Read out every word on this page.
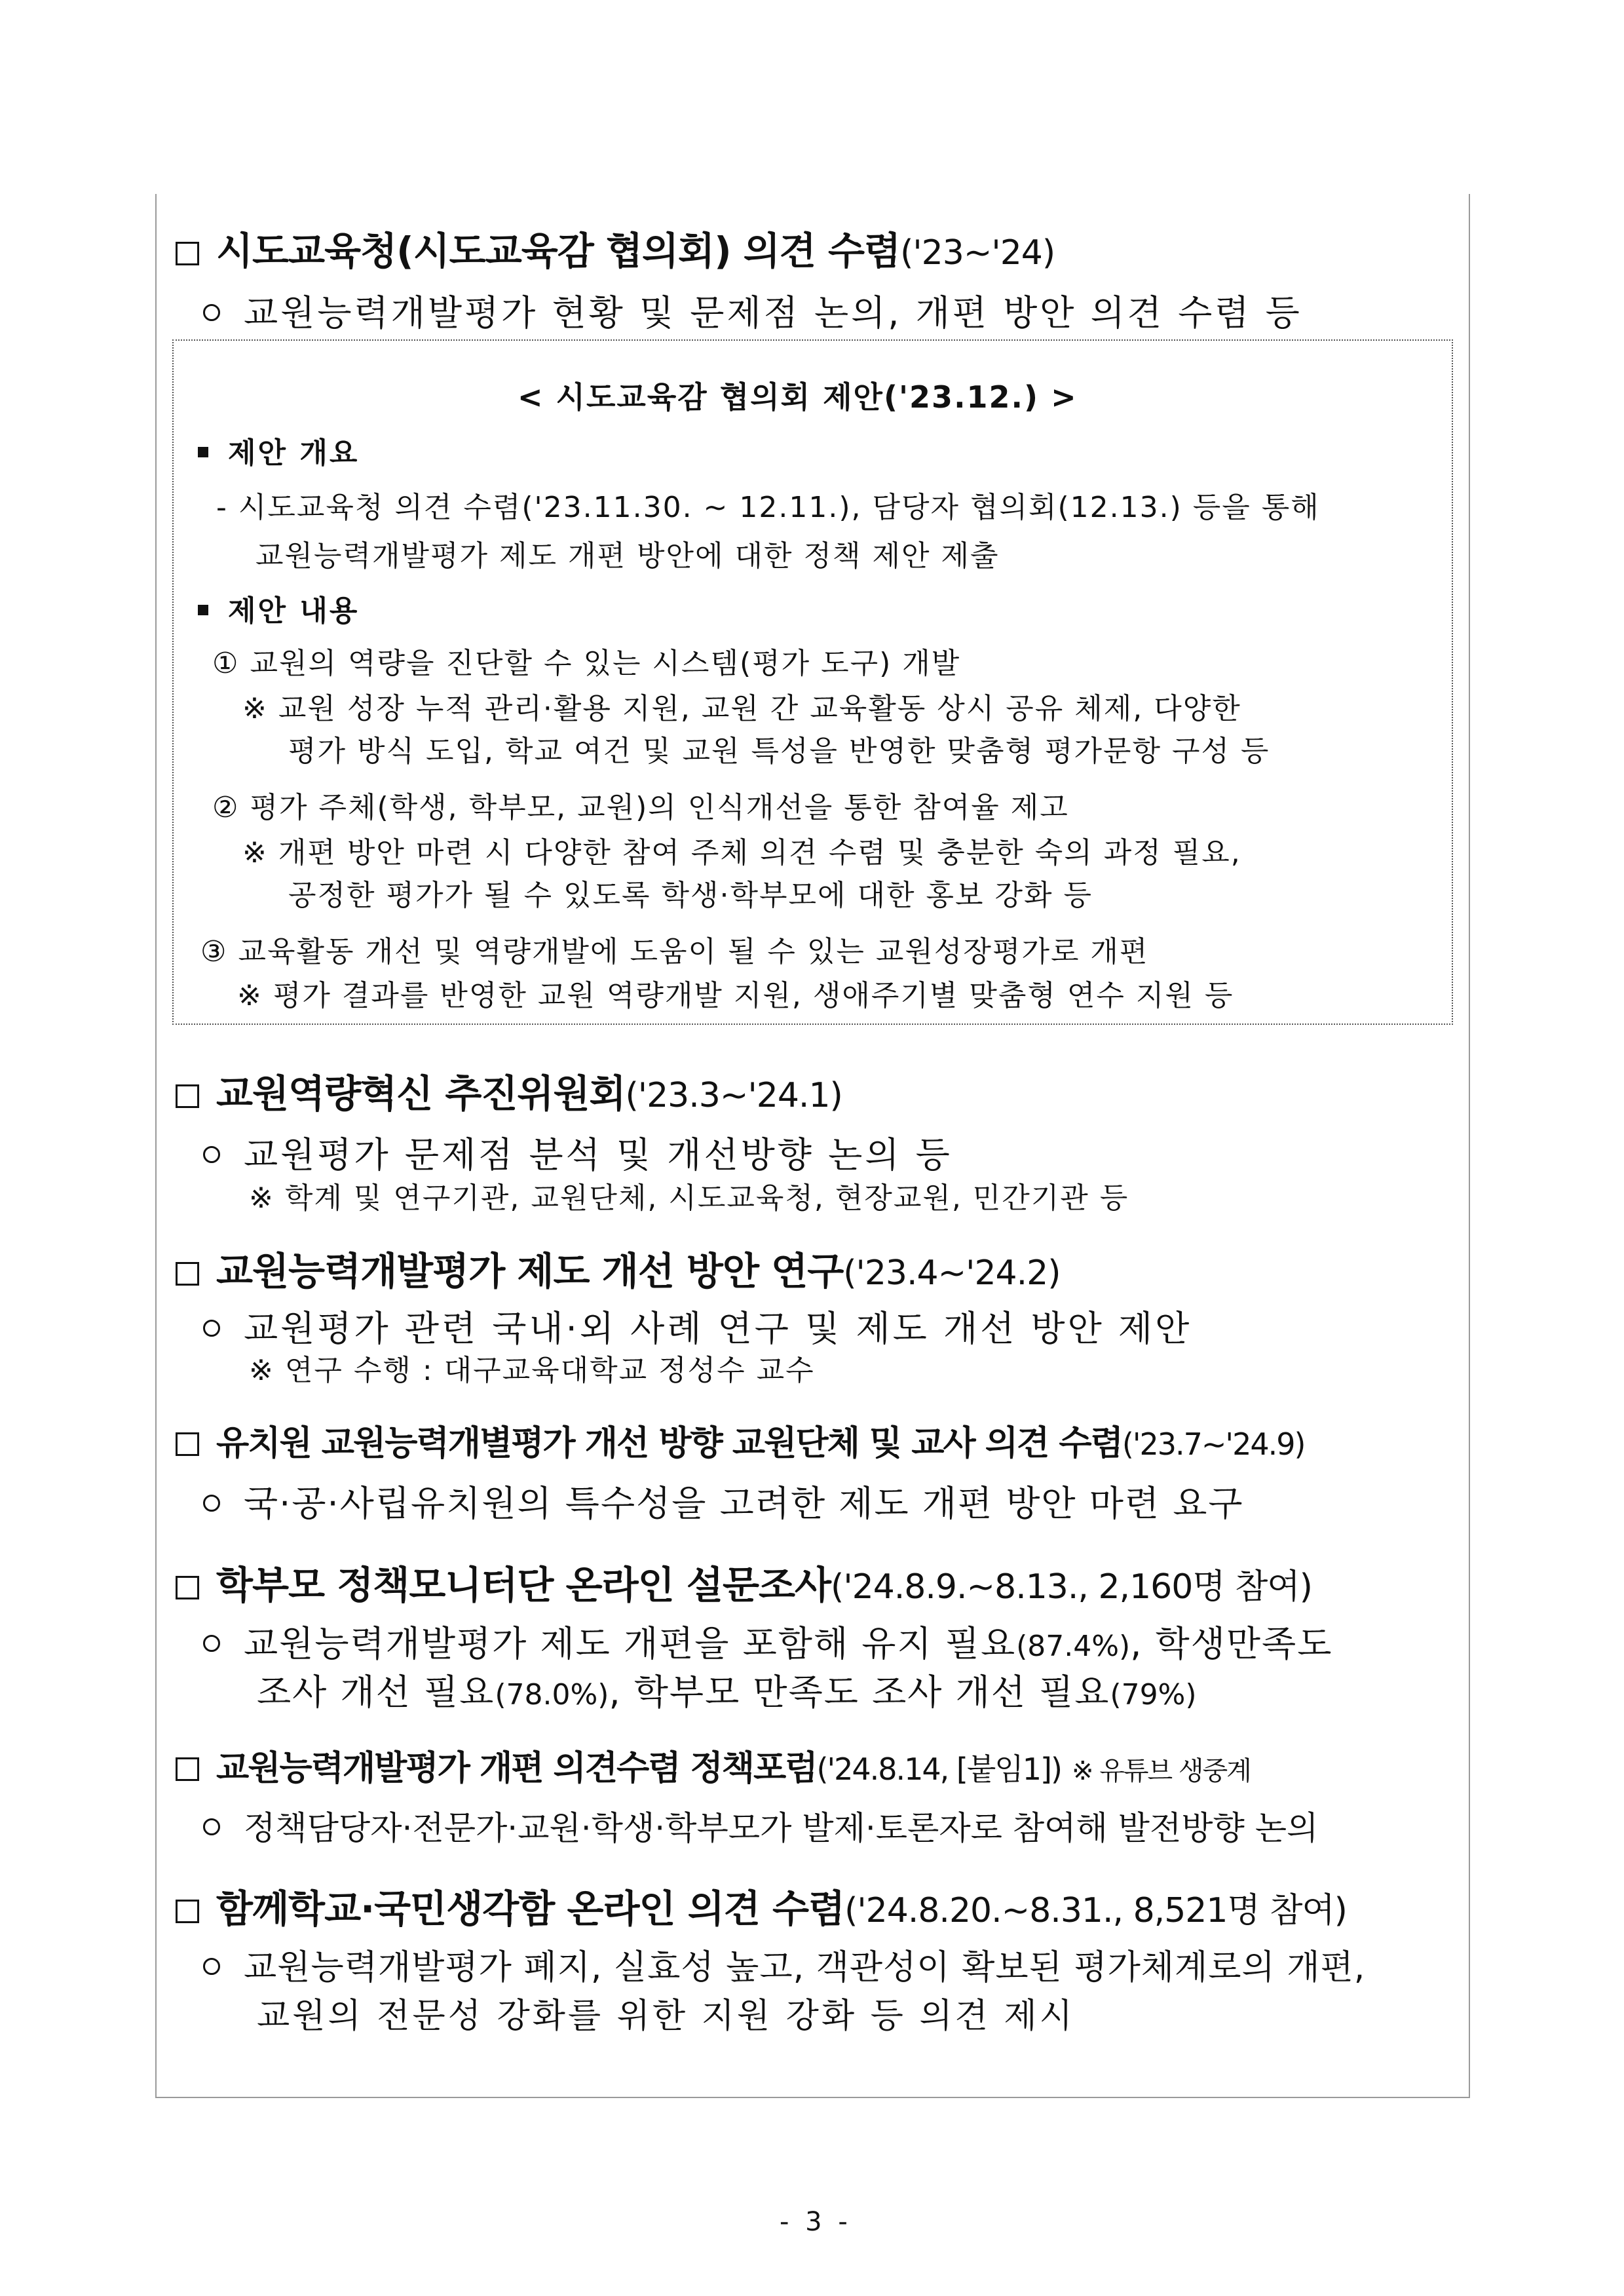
시도교육청(시도교육감 협의회) 의견 수렴('23~'24)
교원능력개발평가 현황 및 문제점 논의, 개편 방안 의견 수렴 등
< 시도교육감 협의회 제안('23.12.) >
제안 개요
- 시도교육청 의견 수렴('23.11.30. ~ 12.11.), 담당자 협의회(12.13.) 등을 통해
교원능력개발평가 제도 개편 방안에 대한 정책 제안 제출
제안 내용
① 교원의 역량을 진단할 수 있는 시스템(평가 도구) 개발
※ 교원 성장 누적 관리·활용 지원, 교원 간 교육활동 상시 공유 체제, 다양한
평가 방식 도입, 학교 여건 및 교원 특성을 반영한 맞춤형 평가문항 구성 등
② 평가 주체(학생, 학부모, 교원)의 인식개선을 통한 참여율 제고
※ 개편 방안 마련 시 다양한 참여 주체 의견 수렴 및 충분한 숙의 과정 필요,
공정한 평가가 될 수 있도록 학생·학부모에 대한 홍보 강화 등
③ 교육활동 개선 및 역량개발에 도움이 될 수 있는 교원성장평가로 개편
※ 평가 결과를 반영한 교원 역량개발 지원, 생애주기별 맞춤형 연수 지원 등
교원역량혁신 추진위원회('23.3~'24.1)
교원평가 문제점 분석 및 개선방향 논의 등
※ 학계 및 연구기관, 교원단체, 시도교육청, 현장교원, 민간기관 등
교원능력개발평가 제도 개선 방안 연구('23.4~'24.2)
교원평가 관련 국내·외 사례 연구 및 제도 개선 방안 제안
※ 연구 수행 : 대구교육대학교 정성수 교수
유치원 교원능력개별평가 개선 방향 교원단체 및 교사 의견 수렴('23.7~'24.9)
국·공·사립유치원의 특수성을 고려한 제도 개편 방안 마련 요구
학부모 정책모니터단 온라인 설문조사('24.8.9.~8.13., 2,160명 참여)
교원능력개발평가 제도 개편을 포함해 유지 필요(87.4%), 학생만족도
조사 개선 필요(78.0%), 학부모 만족도 조사 개선 필요(79%)
교원능력개발평가 개편 의견수렴 정책포럼('24.8.14, [붙임1]) ※ 유튜브 생중계
정책담당자·전문가·교원·학생·학부모가 발제·토론자로 참여해 발전방향 논의
함께학교·국민생각함 온라인 의견 수렴('24.8.20.~8.31., 8,521명 참여)
교원능력개발평가 폐지, 실효성 높고, 객관성이 확보된 평가체계로의 개편,
교원의 전문성 강화를 위한 지원 강화 등 의견 제시
- 3 -
